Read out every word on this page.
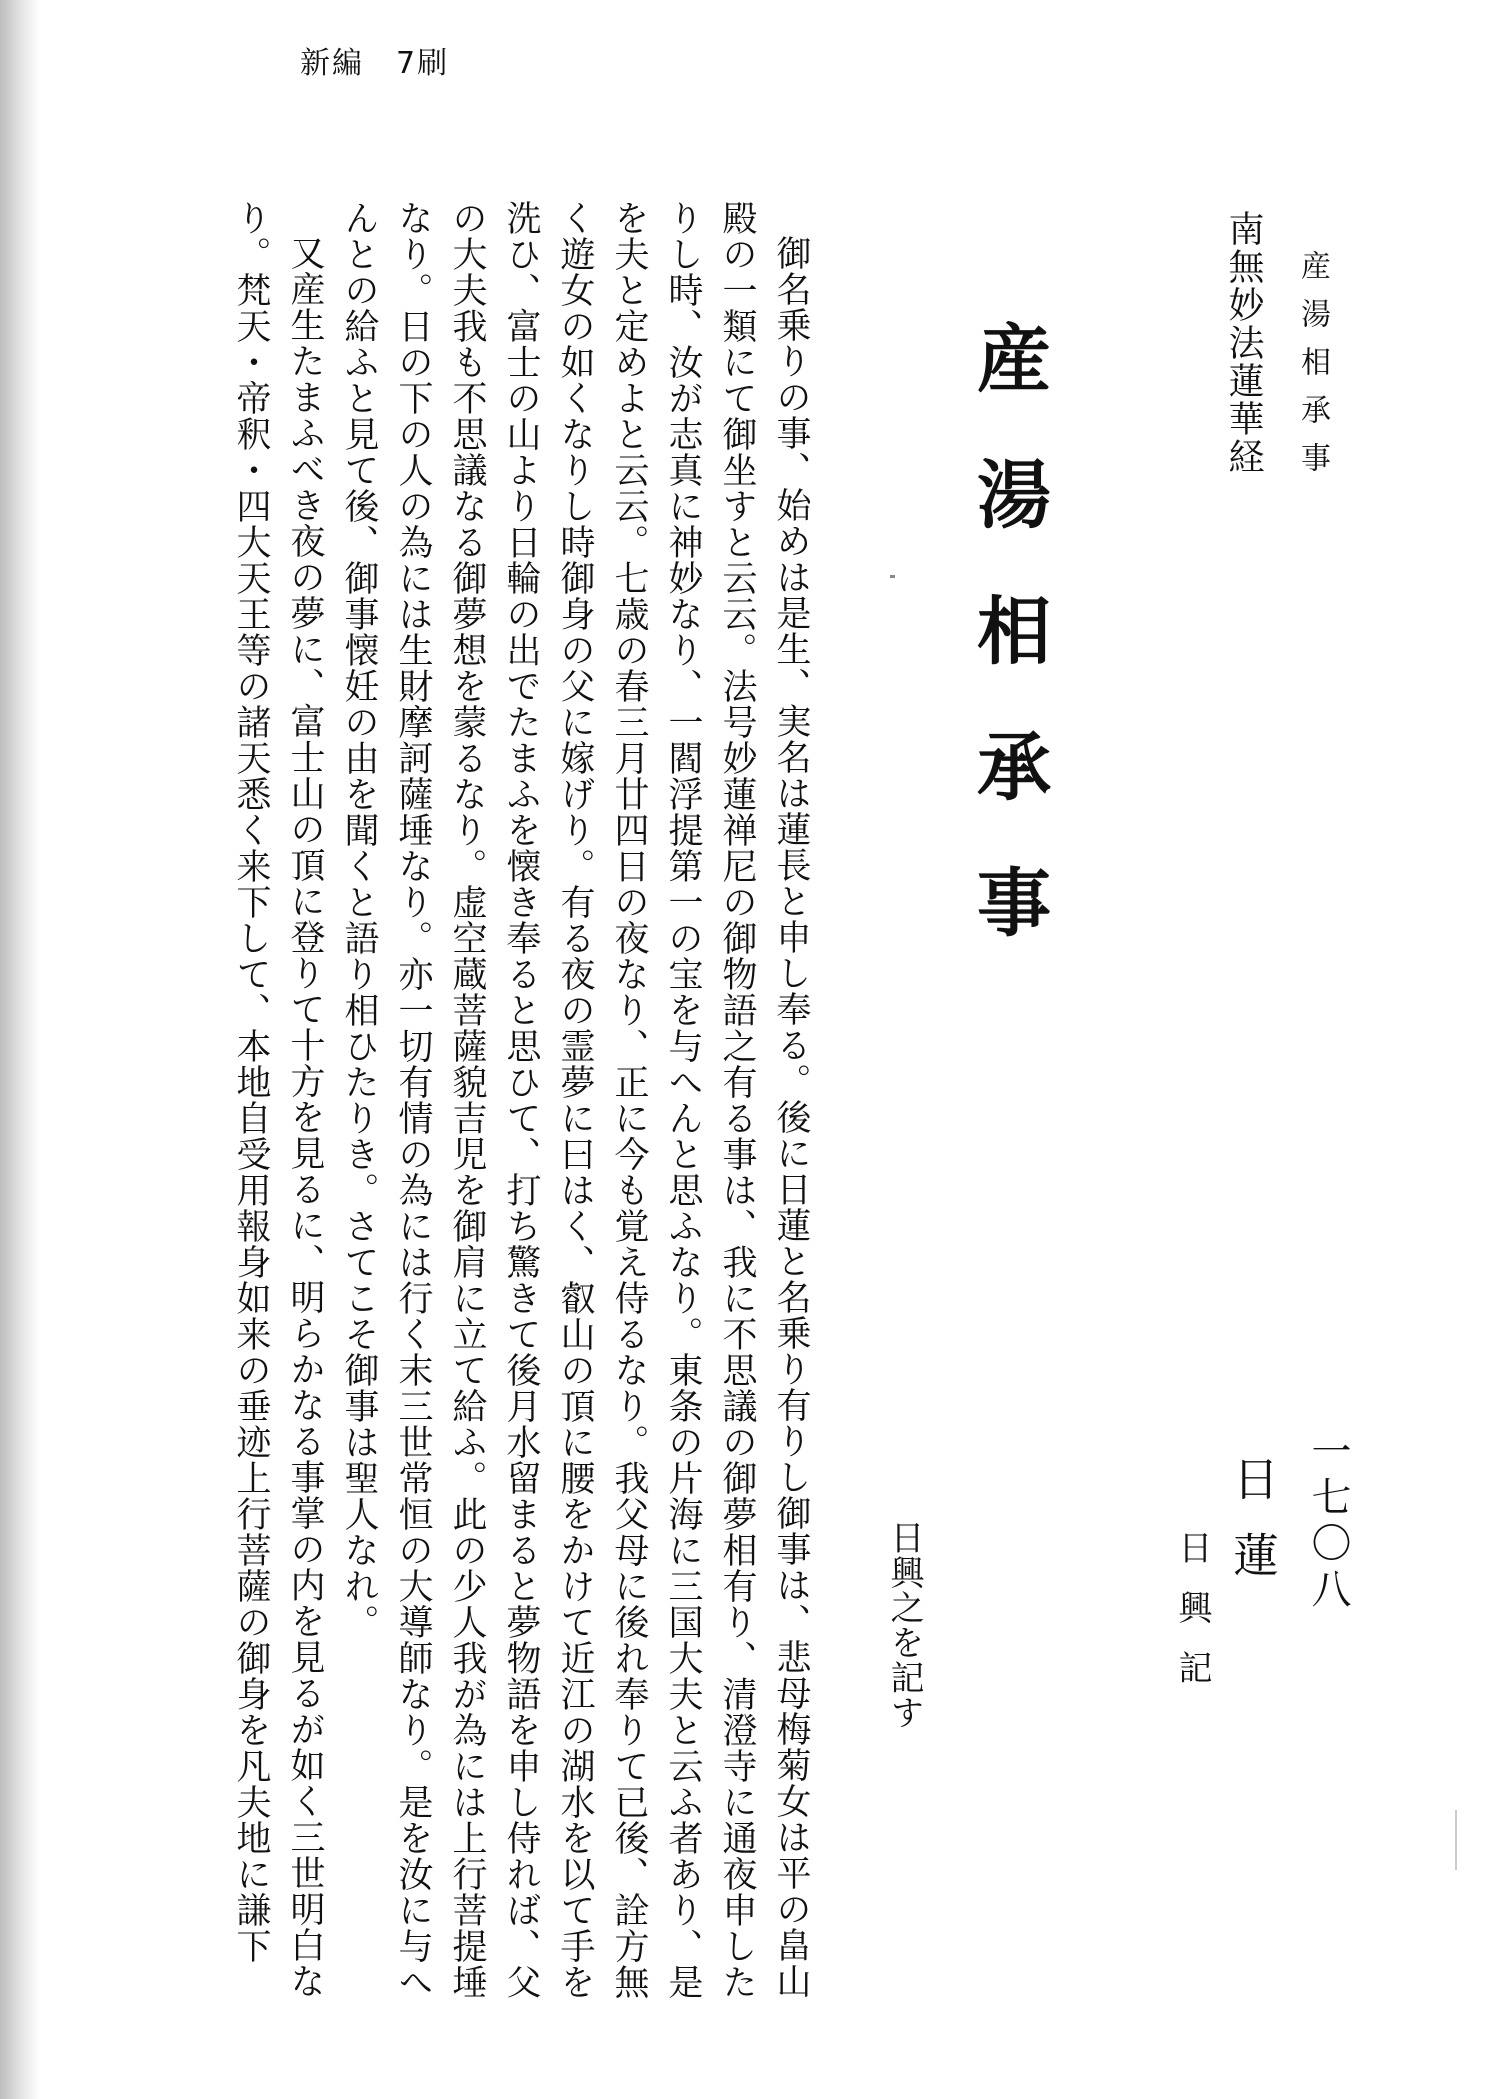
新編　7刷
産湯相承事
一七〇八
南無妙法蓮華経
産湯相承事
日蓮
日興記
日興之を記す

御名乗りの事、始めは是生、実名は蓮長と申し奉る。後に日蓮と名乗り有りし御事は、悲母梅菊女は平の畠山殿の一類にて御坐すと云云。法号妙蓮禅尼の御物語之有る事は、我に不思議の御夢相有り、清澄寺に通夜申したりし時、汝が志真に神妙なり、一閻浮提第一の宝を与へんと思ふなり。東条の片海に三国大夫と云ふ者あり、是を夫と定めよと云云。七歳の春三月廿四日の夜なり、正に今も覚え侍るなり。我父母に後れ奉りて已後、詮方無く遊女の如くなりし時御身の父に嫁げり。有る夜の霊夢に曰はく、叡山の頂に腰をかけて近江の湖水を以て手を洗ひ、富士の山より日輪の出でたまふを懐き奉ると思ひて、打ち驚きて後月水留まると夢物語を申し侍れば、父の大夫我も不思議なる御夢想を蒙るなり。虚空蔵菩薩貌吉児を御肩に立て給ふ。此の少人我が為には上行菩提埵なり。日の下の人の為には生財摩訶薩埵なり。亦一切有情の為には行く末三世常恒の大導師なり。是を汝に与へんとの給ふと見て後、御事懐妊の由を聞くと語り相ひたりき。さてこそ御事は聖人なれ。

又産生たまふべき夜の夢に、富士山の頂に登りて十方を見るに、明らかなる事掌の内を見るが如く三世明白なり。梵天・帝釈・四大天王等の諸天悉く来下して、本地自受用報身如来の垂迹上行菩薩の御身を凡夫地に謙下
